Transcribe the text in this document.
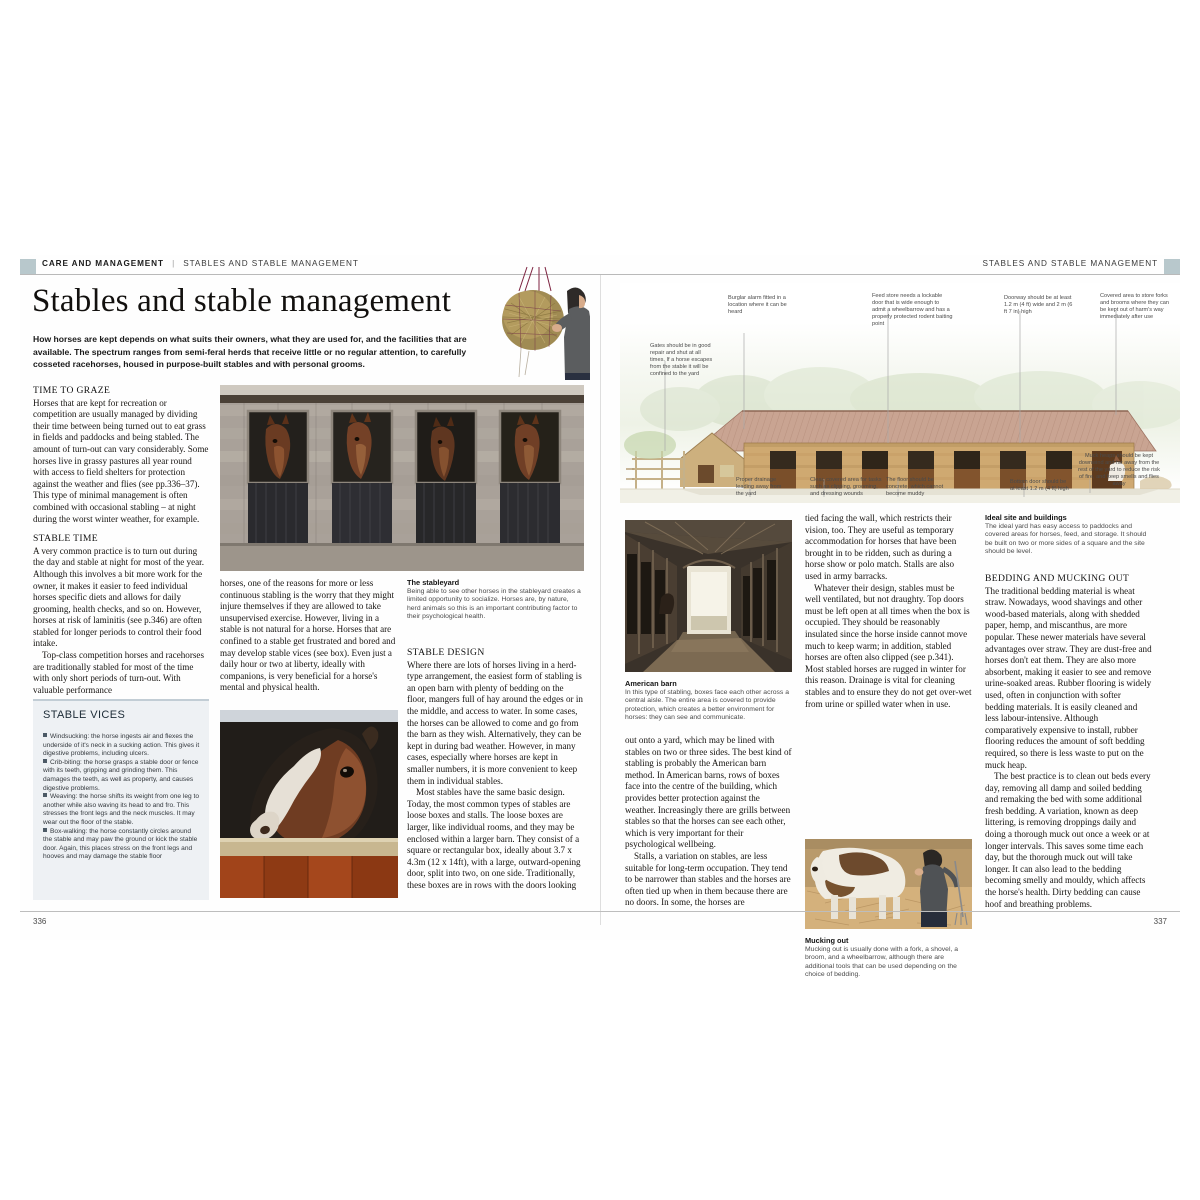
CARE AND MANAGEMENT | STABLES AND STABLE MANAGEMENT	STABLES AND STABLE MANAGEMENT
Stables and stable management
How horses are kept depends on what suits their owners, what they are used for, and the facilities that are available. The spectrum ranges from semi-feral herds that receive little or no regular attention, to carefully cosseted racehorses, housed in purpose-built stables and with personal grooms.
TIME TO GRAZE

Horses that are kept for recreation or competition are usually managed by dividing their time between being turned out to eat grass in fields and paddocks and being stabled. The amount of turn-out can vary considerably. Some horses live in grassy pastures all year round with access to field shelters for protection against the weather and flies (see pp.336–37). This type of minimal management is often combined with occasional stabling – at night during the worst winter weather, for example.

STABLE TIME

A very common practice is to turn out during the day and stable at night for most of the year. Although this involves a bit more work for the owner, it makes it easier to feed individual horses specific diets and allows for daily grooming, health checks, and so on. However, horses at risk of laminitis (see p.346) are often stabled for longer periods to control their food intake.

Top-class competition horses and racehorses are traditionally stabled for most of the time with only short periods of turn-out. With valuable performance

STABLE VICES

Windsucking: the horse ingests air and flexes the underside of it's neck in a sucking action. This gives it digestive problems, including ulcers.

Crib-biting: the horse grasps a stable door or fence with its teeth, gripping and grinding them. This damages the teeth, as well as property, and causes digestive problems.

Weaving: the horse shifts its weight from one leg to another while also waving its head to and fro. This stresses the front legs and the neck muscles. It may wear out the floor of the stable.

Box-walking: the horse constantly circles around the stable and may paw the ground or kick the stable door. Again, this places stress on the front legs and hooves and may damage the stable floor

horses, one of the reasons for more or less continuous stabling is the worry that they might injure themselves if they are allowed to take unsupervised exercise. However, living in a stable is not natural for a horse. Horses that are confined to a stable get frustrated and bored and may develop stable vices (see box). Even just a daily hour or two at liberty, ideally with companions, is very beneficial for a horse's mental and physical health.

The stableyard
Being able to see other horses in the stableyard creates a limited opportunity to socialize. Horses are, by nature, herd animals so this is an important contributing factor to their psychological health.
STABLE DESIGN

Where there are lots of horses living in a herd-type arrangement, the easiest form of stabling is an open barn with plenty of bedding on the floor, mangers full of hay around the edges or in the middle, and access to water. In some cases, the horses can be allowed to come and go from the barn as they wish. Alternatively, they can be kept in during bad weather. However, in many cases, especially where horses are kept in smaller numbers, it is more convenient to keep them in individual stables.

Most stables have the same basic design. Today, the most common types of stables are loose boxes and stalls. The loose boxes are larger, like individual rooms, and they may be enclosed within a larger barn. They consist of a square or rectangular box, ideally about 3.7 x 4.3m (12 x 14ft), with a large, outward-opening door, split into two, on one side. Traditionally, these boxes are in rows with the doors looking

Gates should be in good repair and shut at all times. If a horse escapes from the stable it will be confined to the yard
Burglar alarm fitted in a location where it can be heard
Feed store needs a lockable door that is wide enough to admit a wheelbarrow and has a properly protected rodent baiting point
Doorway should be at least 1.2 m (4 ft) wide and 2 m (6 ft 7 in) high
Covered area to store forks and brooms where they can be kept out of harm's way immediately after use
Proper drainage leading away from the yard
Clear, covered area for tasks such as clipping, grooming, and dressing wounds
The floor should be concrete, which cannot become muddy
Bottom door should be at least 1.2 m (4 ft) high
Muck heaps should be kept downwind and far away from the rest of the yard to reduce the risk of fire, and keep smells and flies away
American barn
In this type of stabling, boxes face each other across a central aisle. The entire area is covered to provide protection, which creates a better environment for horses: they can see and communicate.

out onto a yard, which may be lined with stables on two or three sides. The best kind of stabling is probably the American barn method. In American barns, rows of boxes face into the centre of the building, which provides better protection against the weather. Increasingly there are grills between stables so that the horses can see each other, which is very important for their psychological wellbeing.

Stalls, a variation on stables, are less suitable for long-term occupation. They tend to be narrower than stables and the horses are often tied up when in them because there are no doors. In some, the horses are

tied facing the wall, which restricts their vision, too. They are useful as temporary accommodation for horses that have been brought in to be ridden, such as during a horse show or polo match. Stalls are also used in army barracks.

Whatever their design, stables must be well ventilated, but not draughty. Top doors must be left open at all times when the box is occupied. They should be reasonably insulated since the horse inside cannot move much to keep warm; in addition, stabled horses are often also clipped (see p.341). Most stabled horses are rugged in winter for this reason. Drainage is vital for cleaning stables and to ensure they do not get over-wet from urine or spilled water when in use.

Mucking out
Mucking out is usually done with a fork, a shovel, a broom, and a wheelbarrow, although there are additional tools that can be used depending on the choice of bedding.
Ideal site and buildings
The ideal yard has easy access to paddocks and covered areas for horses, feed, and storage. It should be built on two or more sides of a square and the site should be level.
BEDDING AND MUCKING OUT

The traditional bedding material is wheat straw. Nowadays, wood shavings and other wood-based materials, along with shedded paper, hemp, and miscanthus, are more popular. These newer materials have several advantages over straw. They are dust-free and horses don't eat them. They are also more absorbent, making it easier to see and remove urine-soaked areas. Rubber flooring is widely used, often in conjunction with softer bedding materials. It is easily cleaned and less labour-intensive. Although comparatively expensive to install, rubber flooring reduces the amount of soft bedding required, so there is less waste to put on the muck heap.

The best practice is to clean out beds every day, removing all damp and soiled bedding and remaking the bed with some additional fresh bedding. A variation, known as deep littering, is removing droppings daily and doing a thorough muck out once a week or at longer intervals. This saves some time each day, but the thorough muck out will take longer. It can also lead to the bedding becoming smelly and mouldy, which affects the horse's health. Dirty bedding can cause hoof and breathing problems.

336	337
